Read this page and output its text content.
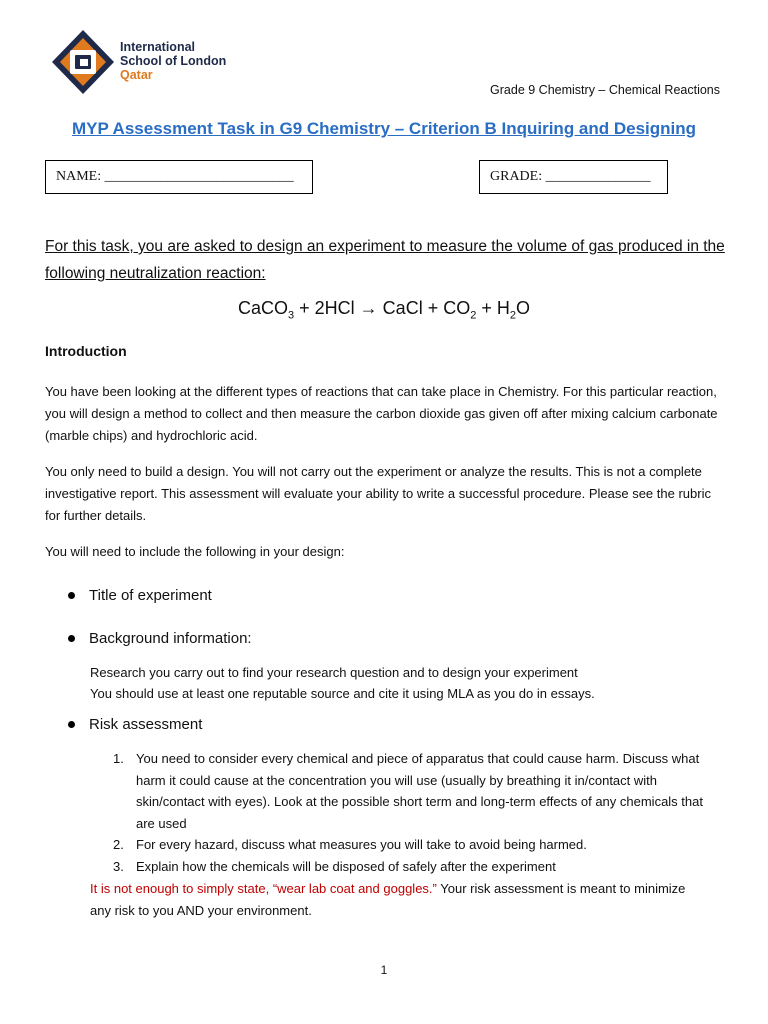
International
School of London
Qatar
Grade 9 Chemistry – Chemical Reactions
MYP Assessment Task in G9 Chemistry – Criterion B Inquiring and Designing
NAME: ___________________________	GRADE: _______________
For this task, you are asked to design an experiment to measure the volume of gas produced in the following neutralization reaction:
CaCO$_3$ + 2HCl → CaCl + $CO_2 + H_2O$
Introduction
You have been looking at the different types of reactions that can take place in Chemistry. For this particular reaction, you will design a method to collect and then measure the carbon dioxide gas given off after mixing calcium carbonate (marble chips) and hydrochloric acid.
You only need to build a design. You will not carry out the experiment or analyze the results. This is not a complete investigative report. This assessment will evaluate your ability to write a successful procedure. Please see the rubric for further details.
You will need to include the following in your design:
Title of experiment
Background information:
Research you carry out to find your research question and to design your experiment
You should use at least one reputable source and cite it using MLA as you do in essays.
Risk assessment
1. You need to consider every chemical and piece of apparatus that could cause harm. Discuss what harm it could cause at the concentration you will use (usually by breathing it in/contact with skin/contact with eyes). Look at the possible short term and long-term effects of any chemicals that are used
2. For every hazard, discuss what measures you will take to avoid being harmed.
3. Explain how the chemicals will be disposed of safely after the experiment
It is not enough to simply state, “wear lab coat and goggles.” Your risk assessment is meant to minimize any risk to you AND your environment.
1
